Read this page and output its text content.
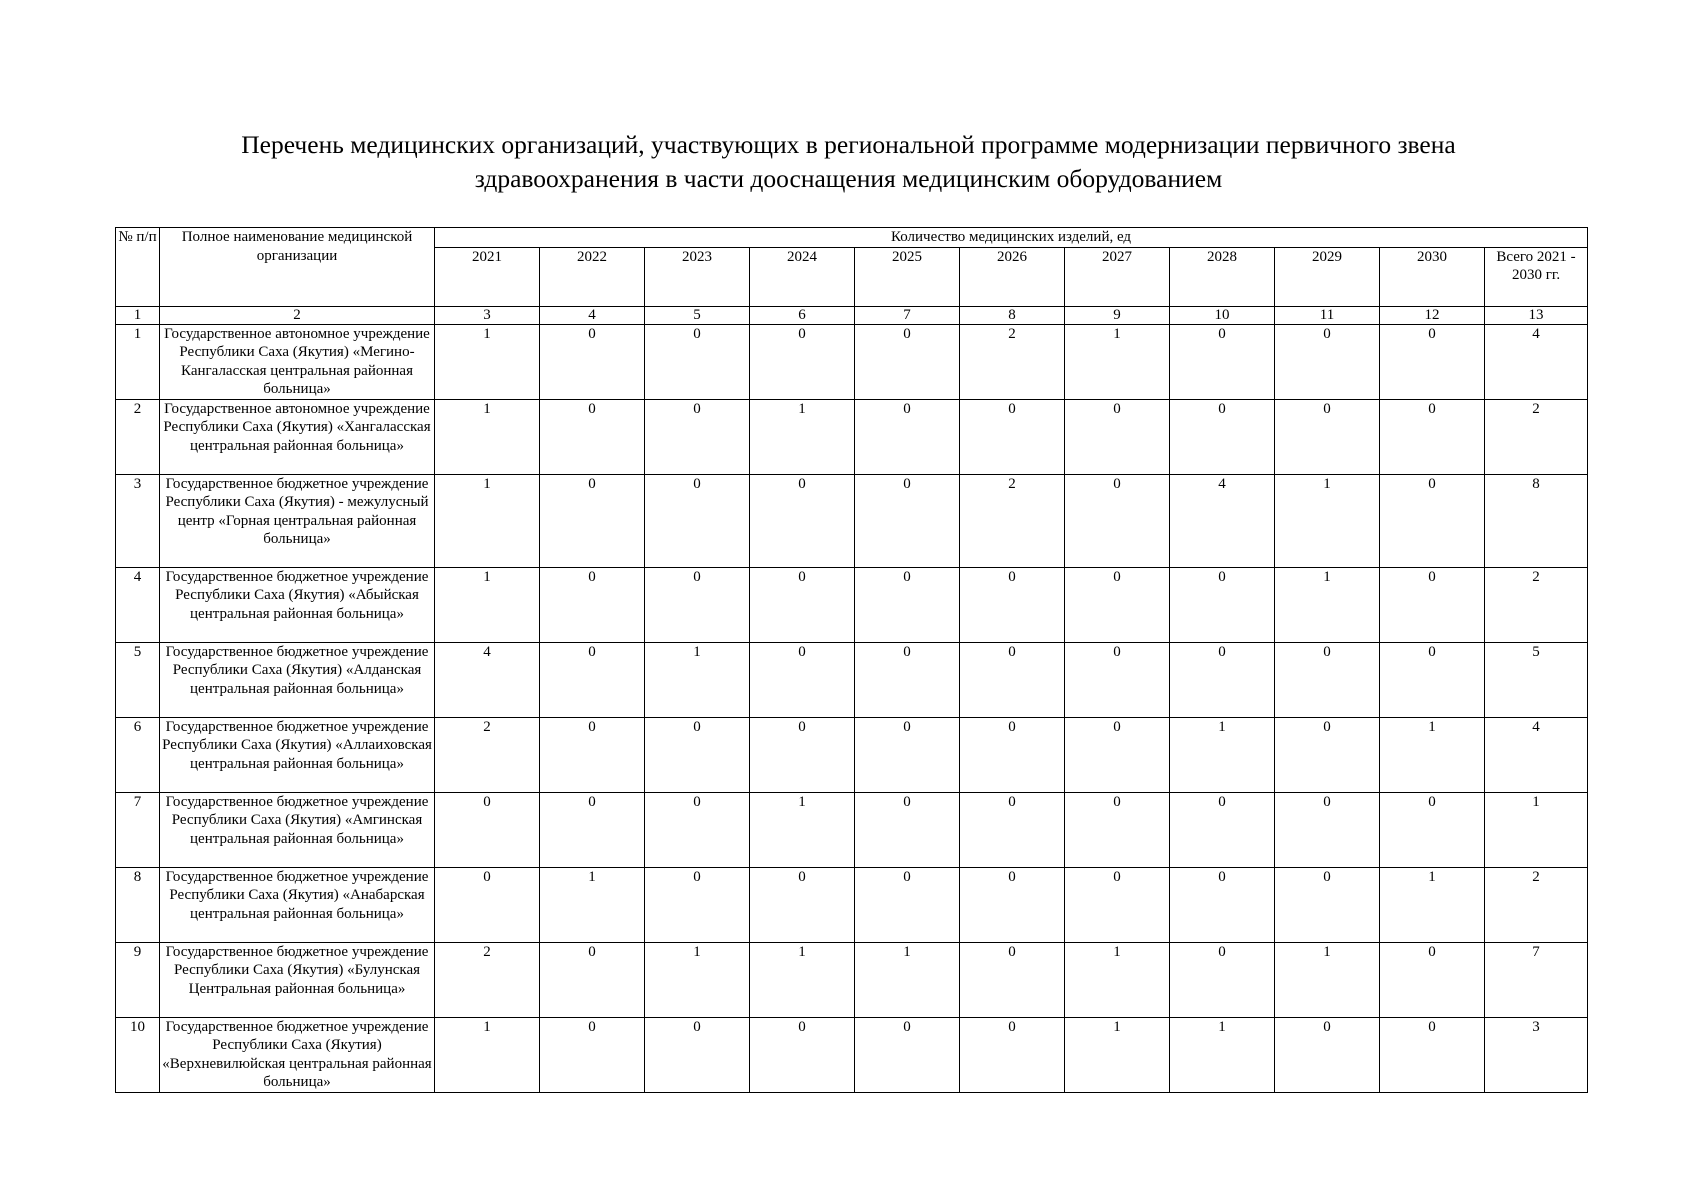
Перечень медицинских организаций, участвующих в региональной программе модернизации первичного звена
здравоохранения в части дооснащения медицинским оборудованием
№ п/п	Полное наименование медицинской организации	Количество медицинских изделий, ед										
		2021	2022	2023	2024	2025	2026	2027	2028	2029	2030	Всего 2021 - 2030 гг.
1	2	3	4	5	6	7	8	9	10	11	12	13
1	Государственное автономное учреждение Республики Саха (Якутия) «Мегино-Кангаласская центральная районная больница»	1	0	0	0	0	2	1	0	0	0	4
2	Государственное автономное учреждение Республики Саха (Якутия) «Хангаласская центральная районная больница»	1	0	0	1	0	0	0	0	0	0	2
3	Государственное бюджетное учреждение Республики Саха (Якутия) - межулусный центр «Горная центральная районная больница»	1	0	0	0	0	2	0	4	1	0	8
4	Государственное бюджетное учреждение Республики Саха (Якутия) «Абыйская центральная районная больница»	1	0	0	0	0	0	0	0	1	0	2
5	Государственное бюджетное учреждение Республики Саха (Якутия) «Алданская центральная районная больница»	4	0	1	0	0	0	0	0	0	0	5
6	Государственное бюджетное учреждение Республики Саха (Якутия) «Аллаиховская центральная районная больница»	2	0	0	0	0	0	0	1	0	1	4
7	Государственное бюджетное учреждение Республики Саха (Якутия) «Амгинская центральная районная больница»	0	0	0	1	0	0	0	0	0	0	1
8	Государственное бюджетное учреждение Республики Саха (Якутия) «Анабарская центральная районная больница»	0	1	0	0	0	0	0	0	0	1	2
9	Государственное бюджетное учреждение Республики Саха (Якутия) «Булунская Центральная районная больница»	2	0	1	1	1	0	1	0	1	0	7
10	Государственное бюджетное учреждение Республики Саха (Якутия) «Верхневилюйская центральная районная больница»	1	0	0	0	0	0	1	1	0	0	3
